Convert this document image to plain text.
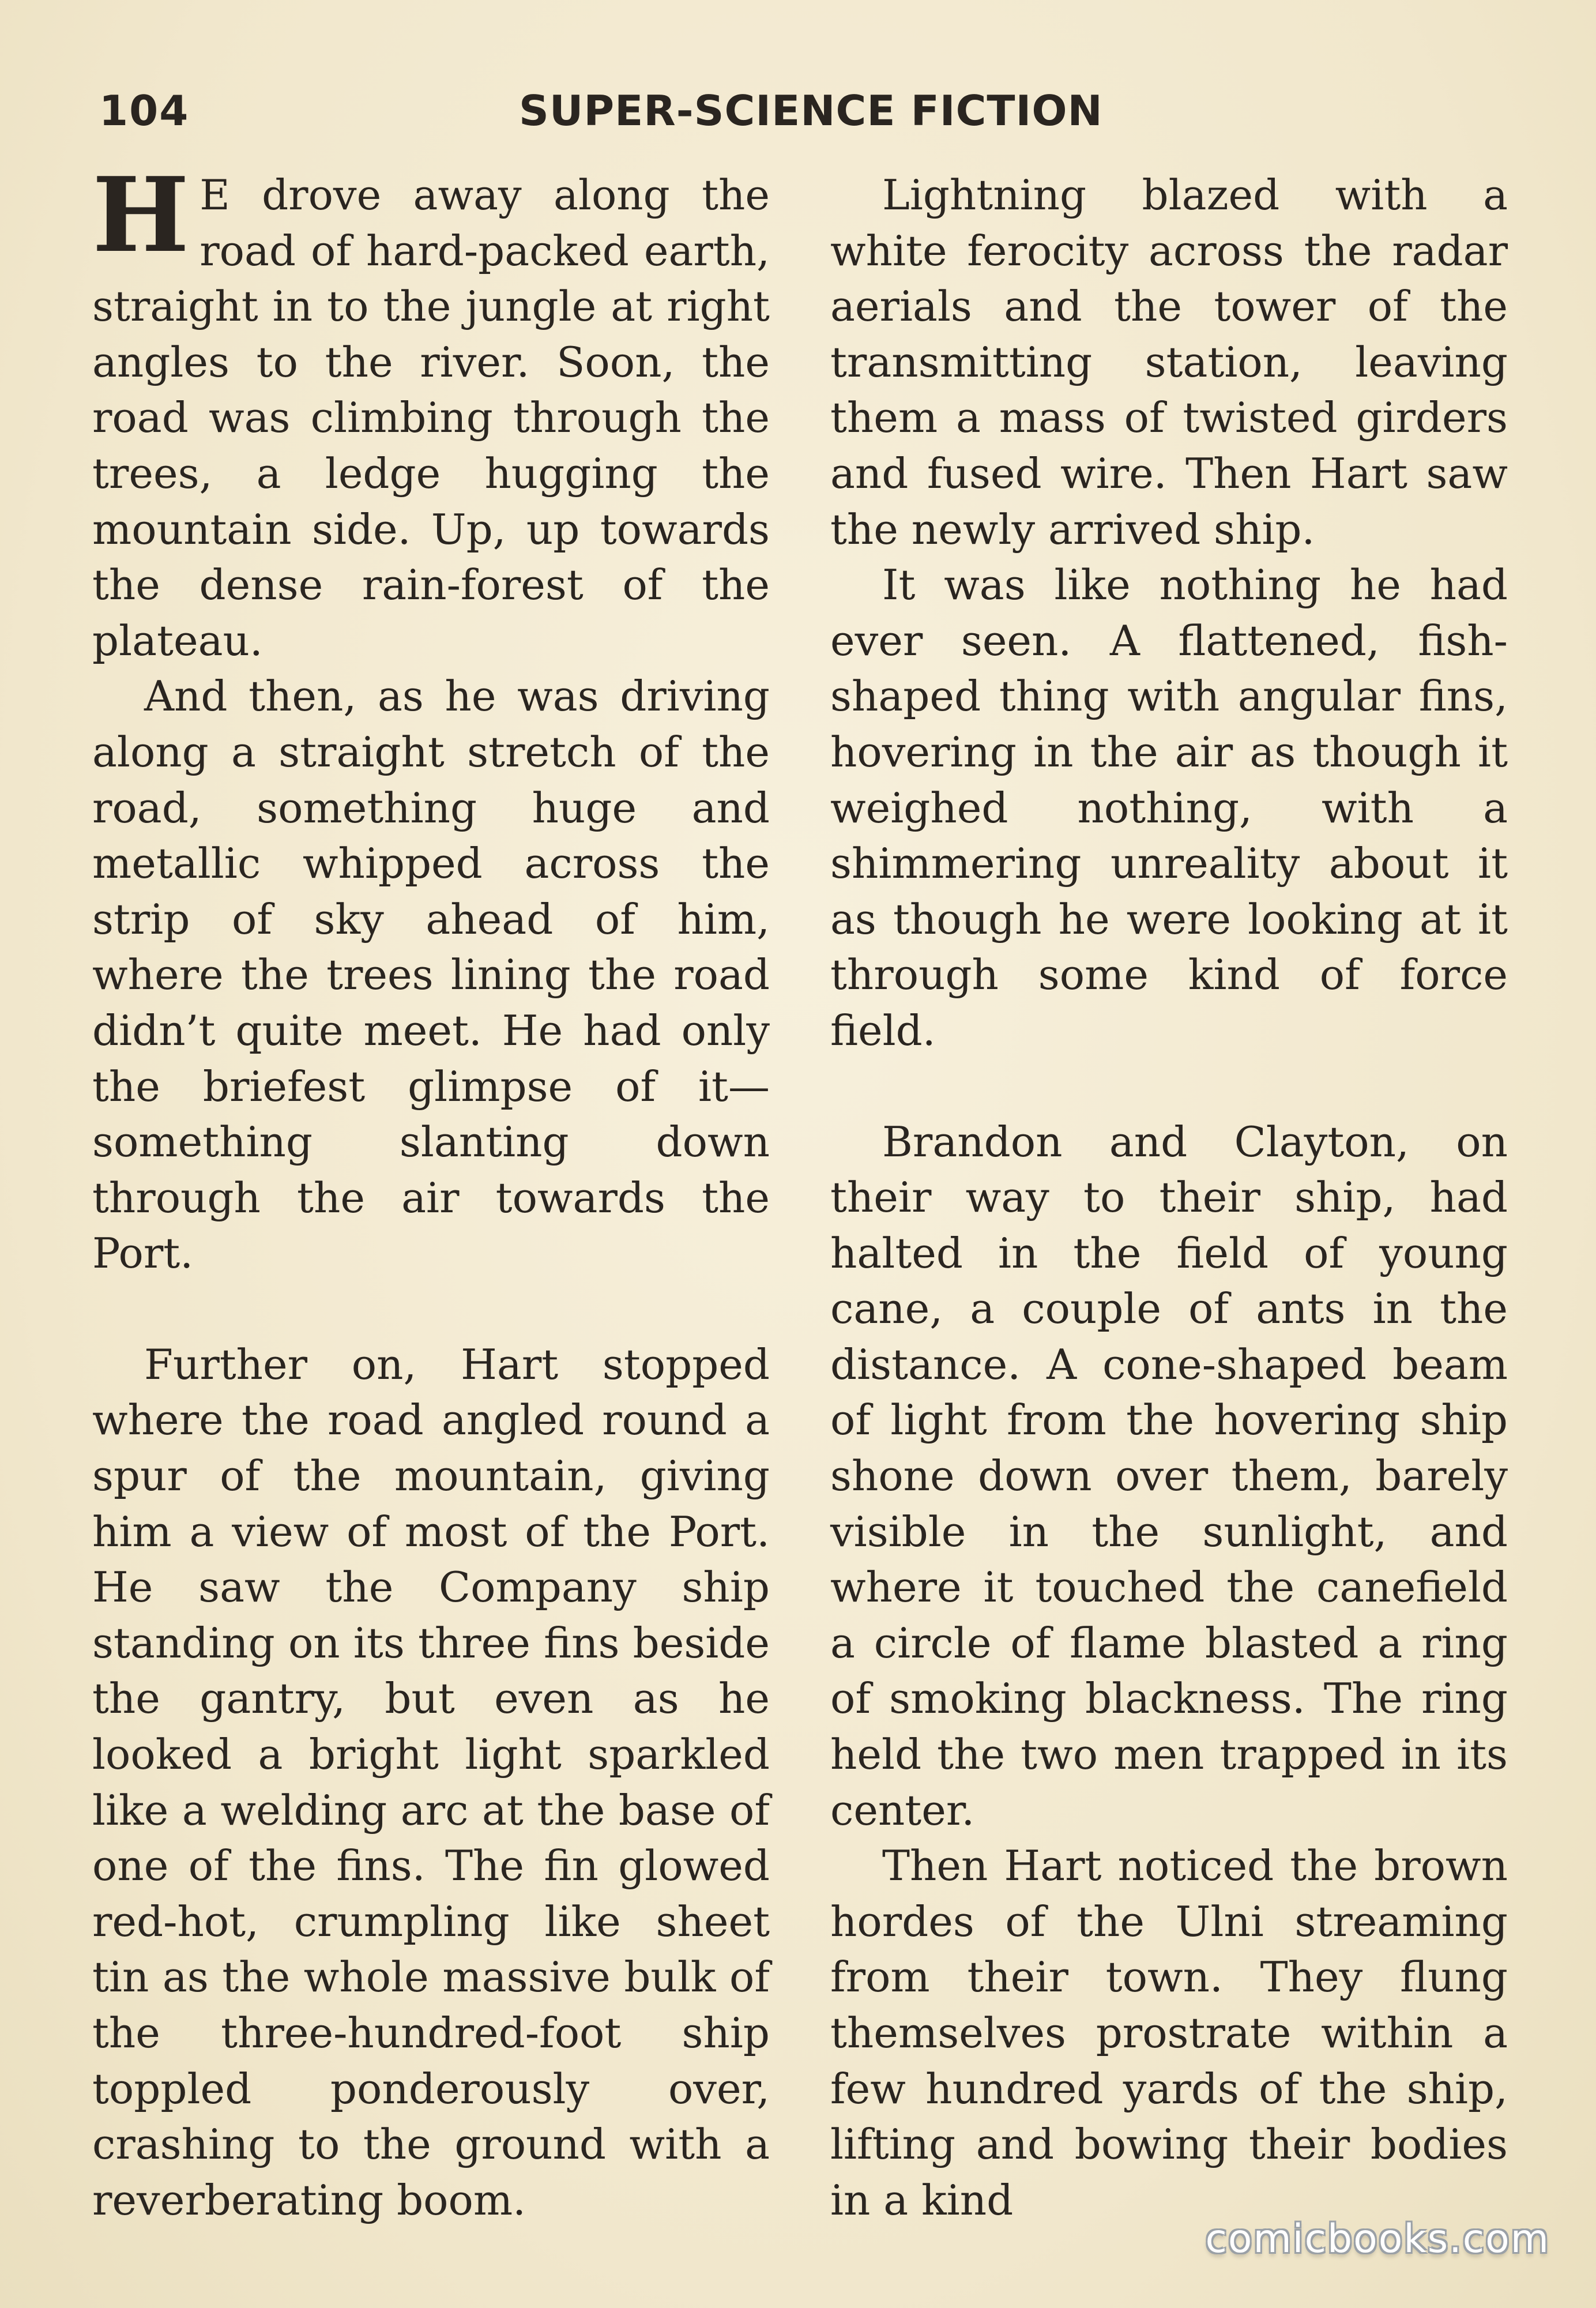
104	SUPER-SCIENCE FICTION

H E drove away along the road of hard-packed earth, straight in to the jungle at right angles to the river. Soon, the road was climbing through the trees, a ledge hugging the mountain side. Up, up towards the dense rain-forest of the plateau.

And then, as he was driving along a straight stretch of the road, something huge and metallic whipped across the strip of sky ahead of him, where the trees lining the road didn’t quite meet. He had only the briefest glimpse of it—something slanting down through the air towards the Port.

Further on, Hart stopped where the road angled round a spur of the mountain, giving him a view of most of the Port. He saw the Company ship standing on its three fins beside the gantry, but even as he looked a bright light sparkled like a welding arc at the base of one of the fins. The fin glowed red-hot, crumpling like sheet tin as the whole massive bulk of the three-hundred-foot ship toppled ponderously over, crashing to the ground with a reverberating boom.

Lightning blazed with a white ferocity across the radar aerials and the tower of the transmitting station, leaving them a mass of twisted girders and fused wire. Then Hart saw the newly arrived ship.

It was like nothing he had ever seen. A flattened, fish-shaped thing with angular fins, hovering in the air as though it weighed nothing, with a shimmering unreality about it as though he were looking at it through some kind of force field.

Brandon and Clayton, on their way to their ship, had halted in the field of young cane, a couple of ants in the distance. A cone-shaped beam of light from the hovering ship shone down over them, barely visible in the sunlight, and where it touched the canefield a circle of flame blasted a ring of smoking blackness. The ring held the two men trapped in its center.

Then Hart noticed the brown hordes of the Ulni streaming from their town. They flung themselves prostrate within a few hundred yards of the ship, lifting and bowing their bodies in a kind

comicbooks.com
